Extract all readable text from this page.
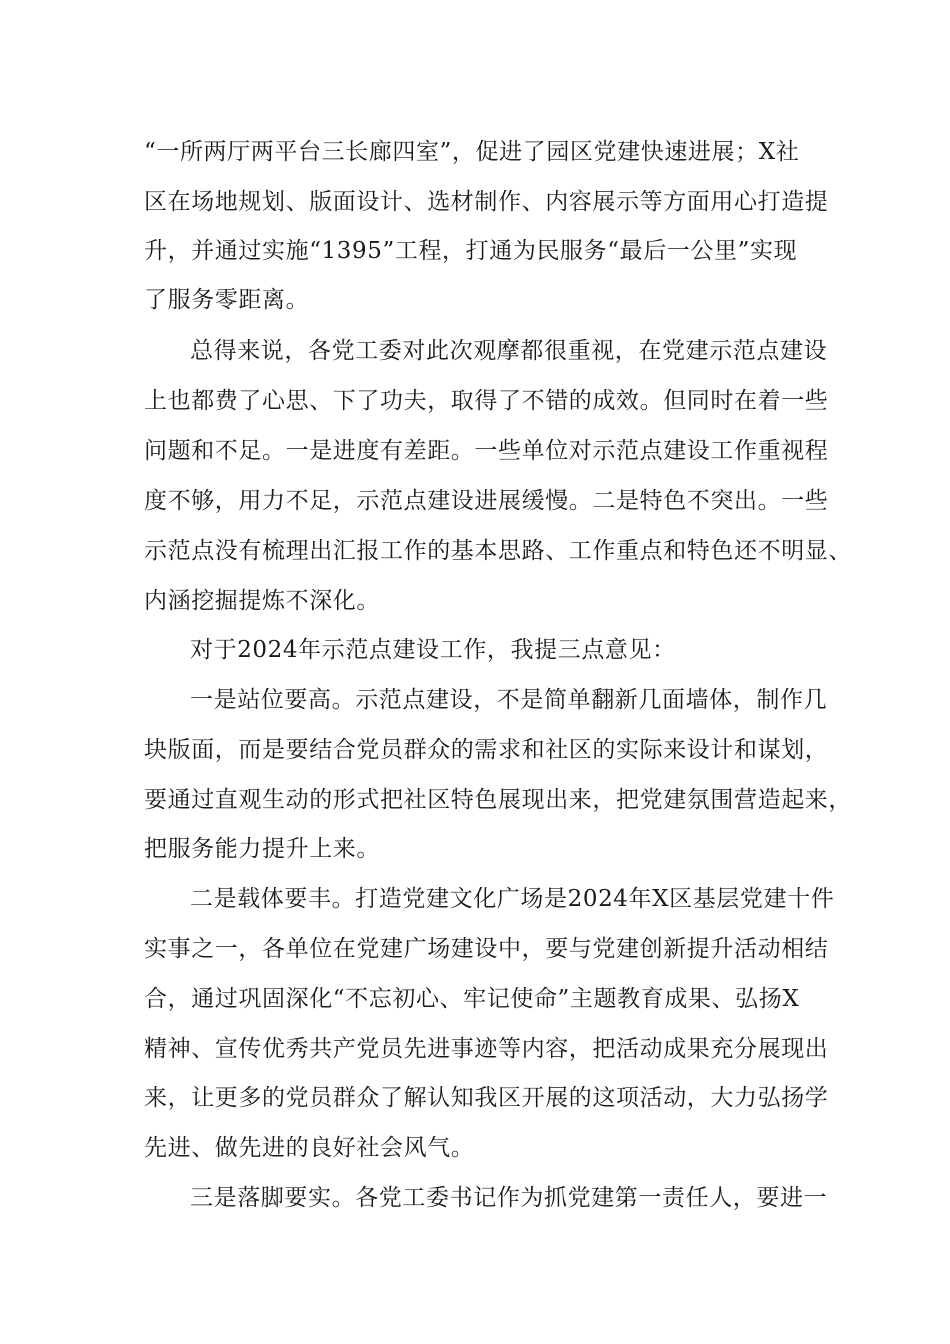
“一所两厅两平台三长廊四室”，促进了园区党建快速进展；X社
区在场地规划、版面设计、选材制作、内容展示等方面用心打造提
升，并通过实施“1395”工程，打通为民服务“最后一公里”实现
了服务零距离。
总得来说，各党工委对此次观摩都很重视，在党建示范点建设
上也都费了心思、下了功夫，取得了不错的成效。但同时在着一些
问题和不足。一是进度有差距。一些单位对示范点建设工作重视程
度不够，用力不足，示范点建设进展缓慢。二是特色不突出。一些
示范点没有梳理出汇报工作的基本思路、工作重点和特色还不明显、
内涵挖掘提炼不深化。
对于2024年示范点建设工作，我提三点意见：
一是站位要高。示范点建设，不是简单翻新几面墙体，制作几
块版面，而是要结合党员群众的需求和社区的实际来设计和谋划，
要通过直观生动的形式把社区特色展现出来，把党建氛围营造起来，
把服务能力提升上来。
二是载体要丰。打造党建文化广场是2024年X区基层党建十件
实事之一，各单位在党建广场建设中，要与党建创新提升活动相结
合，通过巩固深化“不忘初心、牢记使命”主题教育成果、弘扬X
精神、宣传优秀共产党员先进事迹等内容，把活动成果充分展现出
来，让更多的党员群众了解认知我区开展的这项活动，大力弘扬学
先进、做先进的良好社会风气。
三是落脚要实。各党工委书记作为抓党建第一责任人，要进一
